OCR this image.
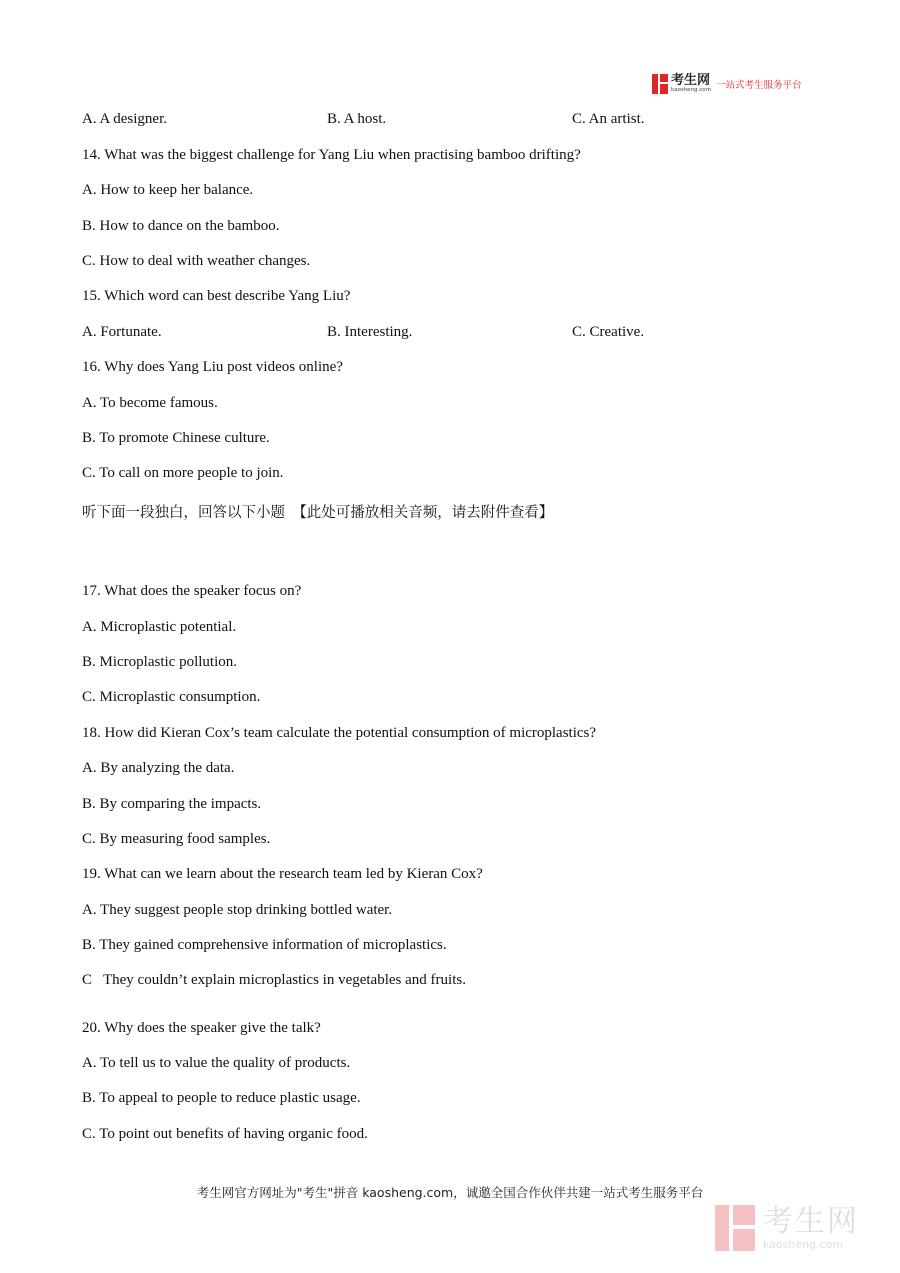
考生网
kaosheng.com 一站式考生服务平台
A. A designer.	B. A host.	C. An artist.
14. What was the biggest challenge for Yang Liu when practising bamboo drifting?
A. How to keep her balance.
B. How to dance on the bamboo.
C. How to deal with weather changes.
15. Which word can best describe Yang Liu?
A. Fortunate.	B. Interesting.	C. Creative.
16. Why does Yang Liu post videos online?
A. To become famous.
B. To promote Chinese culture.
C. To call on more people to join.
听下面一段独白，回答以下小题　【此处可播放相关音频，请去附件查看】
17. What does the speaker focus on?
A. Microplastic potential.
B. Microplastic pollution.
C. Microplastic consumption.
18. How did Kieran Cox’s team calculate the potential consumption of microplastics?
A. By analyzing the data.
B. By comparing the impacts.
C. By measuring food samples.
19. What can we learn about the research team led by Kieran Cox?
A. They suggest people stop drinking bottled water.
B. They gained comprehensive information of microplastics.
C   They couldn’t explain microplastics in vegetables and fruits.
20. Why does the speaker give the talk?
A. To tell us to value the quality of products.
B. To appeal to people to reduce plastic usage.
C. To point out benefits of having organic food.
考生网官方网址为"考生"拼音 kaosheng.com，诚邀全国合作伙伴共建一站式考生服务平台
考生网
kaosheng.com
